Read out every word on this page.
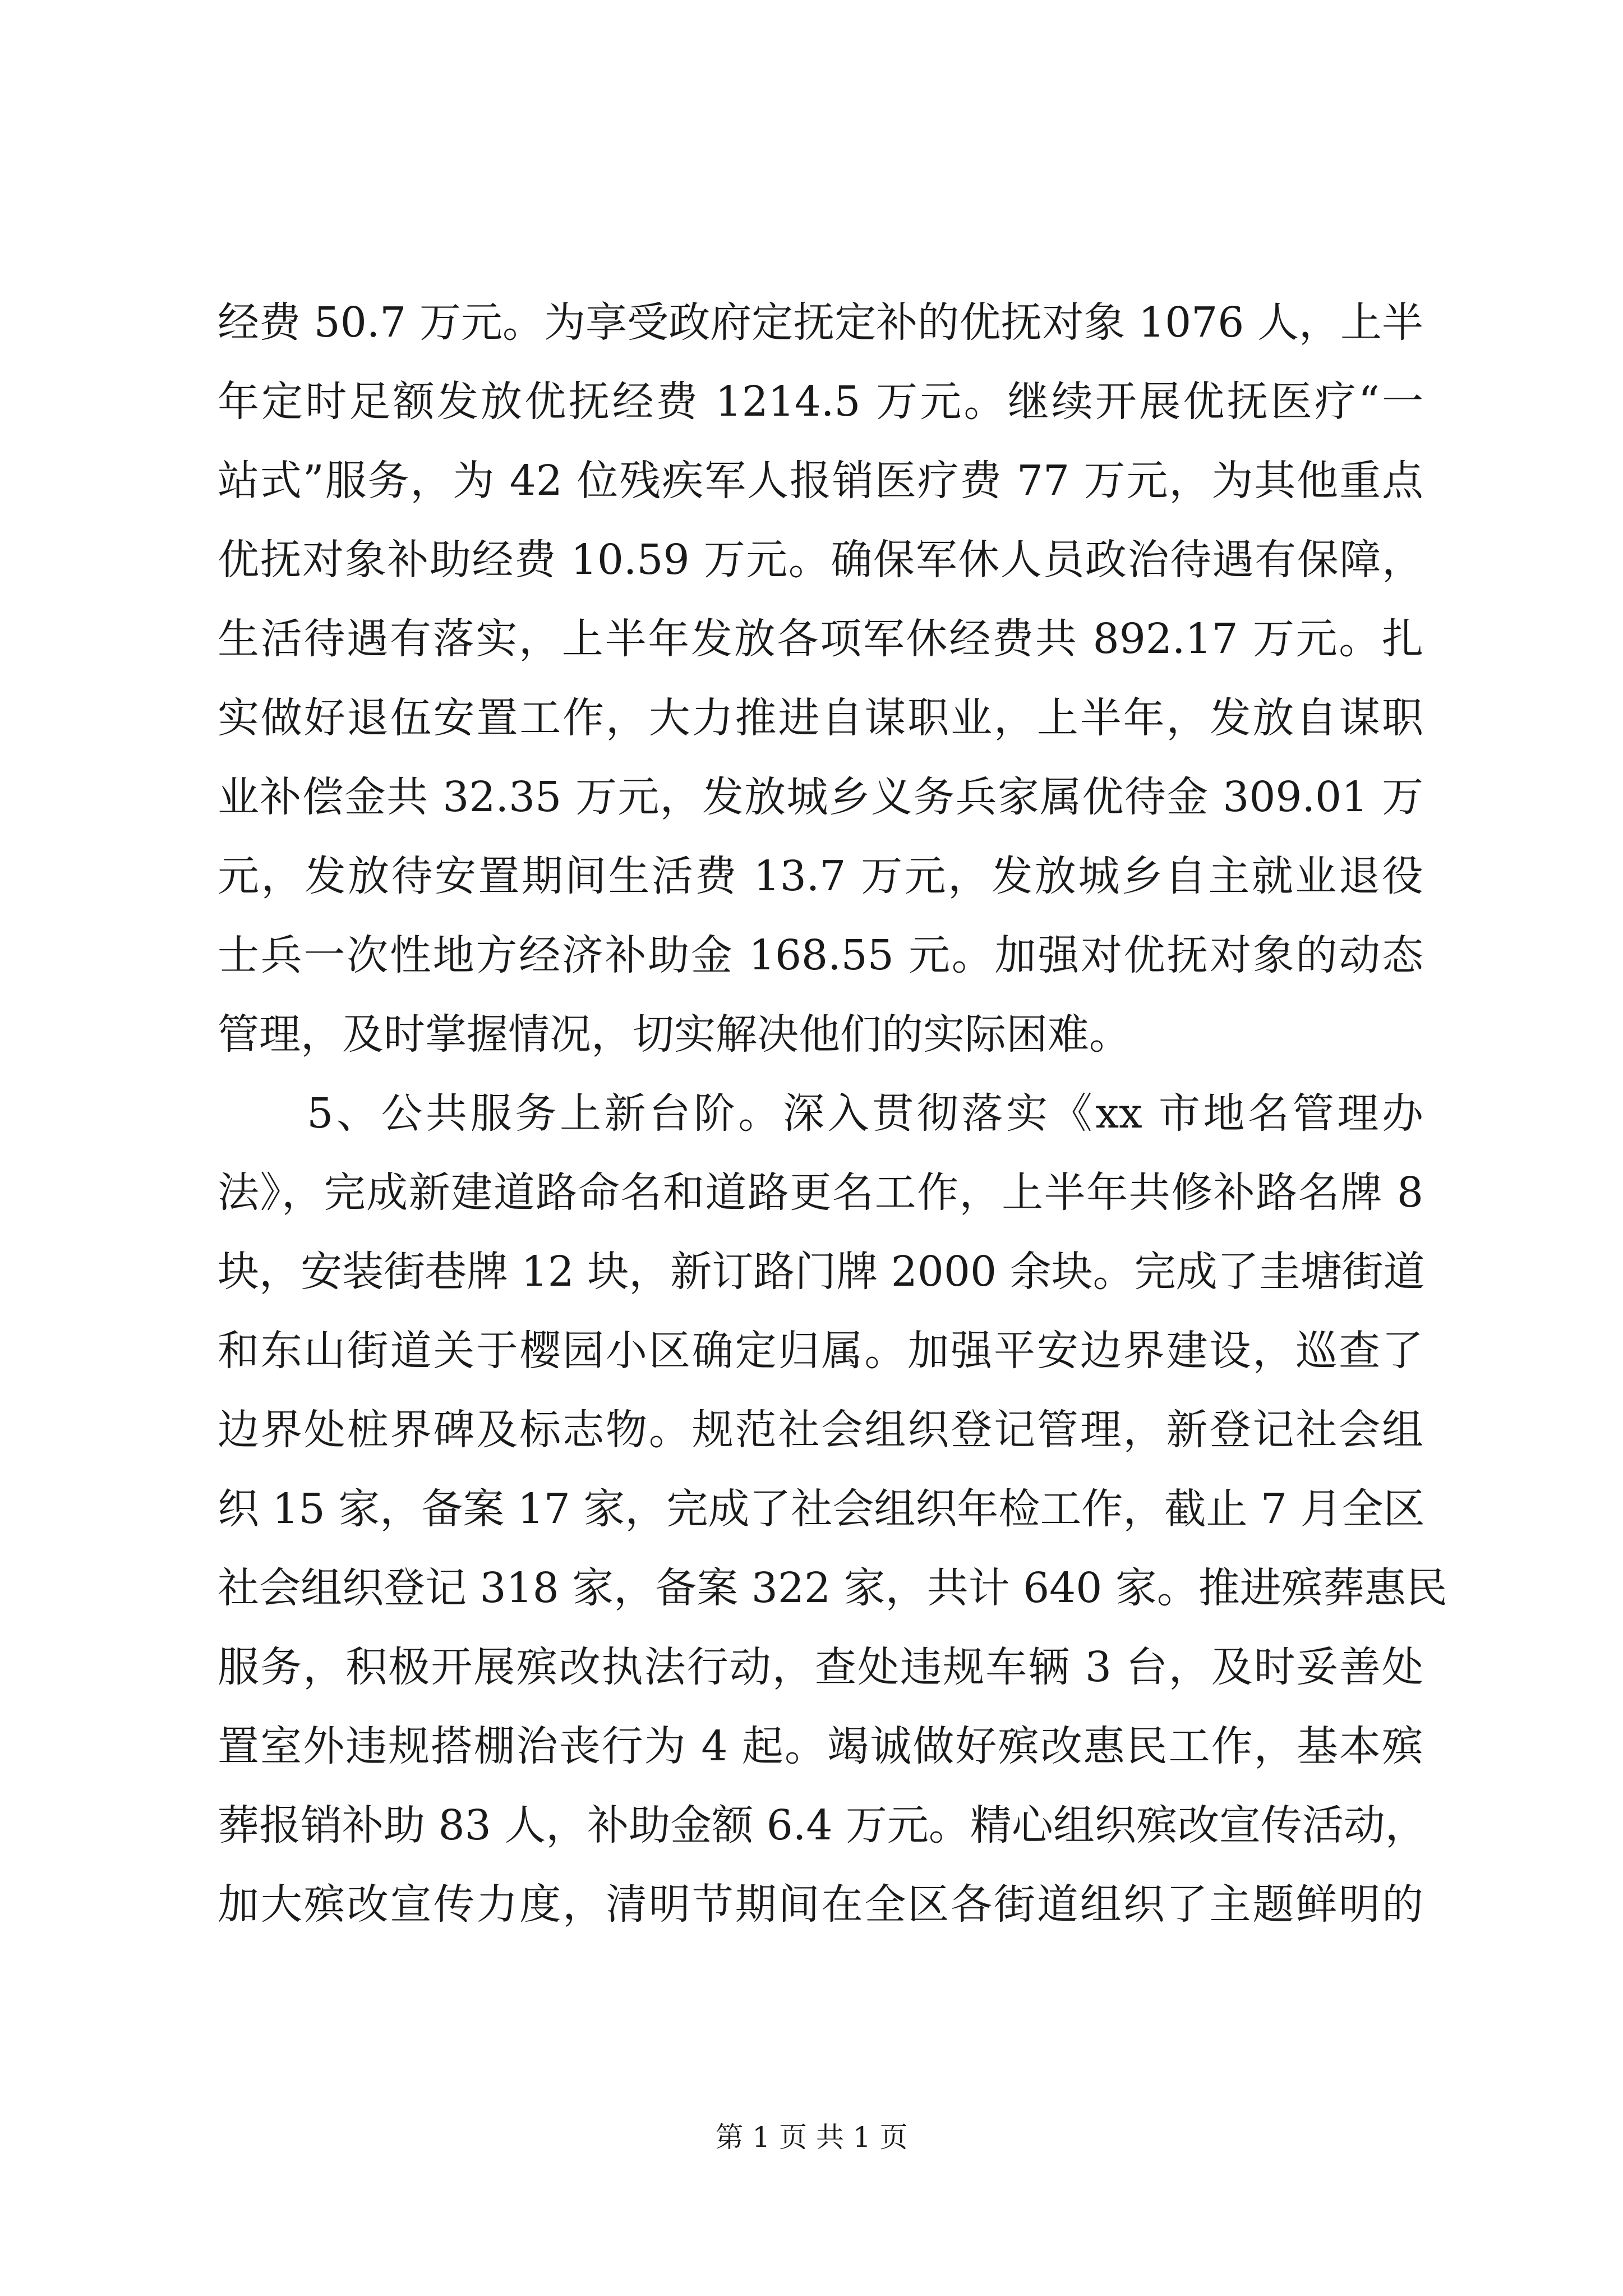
经费 50.7 万元。为享受政府定抚定补的优抚对象 1076 人，上半
年定时足额发放优抚经费 1214.5 万元。继续开展优抚医疗“一
站式”服务，为 42 位残疾军人报销医疗费 77 万元，为其他重点
优抚对象补助经费 10.59 万元。确保军休人员政治待遇有保障，
生活待遇有落实，上半年发放各项军休经费共 892.17 万元。扎
实做好退伍安置工作，大力推进自谋职业，上半年，发放自谋职
业补偿金共 32.35 万元，发放城乡义务兵家属优待金 309.01 万
元，发放待安置期间生活费 13.7 万元，发放城乡自主就业退役
士兵一次性地方经济补助金 168.55 元。加强对优抚对象的动态
管理，及时掌握情况，切实解决他们的实际困难。
　　5、公共服务上新台阶。深入贯彻落实《xx 市地名管理办
法》，完成新建道路命名和道路更名工作，上半年共修补路名牌 8
块，安装街巷牌 12 块，新订路门牌 2000 余块。完成了圭塘街道
和东山街道关于樱园小区确定归属。加强平安边界建设，巡查了
边界处桩界碑及标志物。规范社会组织登记管理，新登记社会组
织 15 家，备案 17 家，完成了社会组织年检工作，截止 7 月全区
社会组织登记 318 家，备案 322 家，共计 640 家。推进殡葬惠民
服务，积极开展殡改执法行动，查处违规车辆 3 台，及时妥善处
置室外违规搭棚治丧行为 4 起。竭诚做好殡改惠民工作，基本殡
葬报销补助 83 人，补助金额 6.4 万元。精心组织殡改宣传活动，
加大殡改宣传力度，清明节期间在全区各街道组织了主题鲜明的
第 1 页 共 1 页
